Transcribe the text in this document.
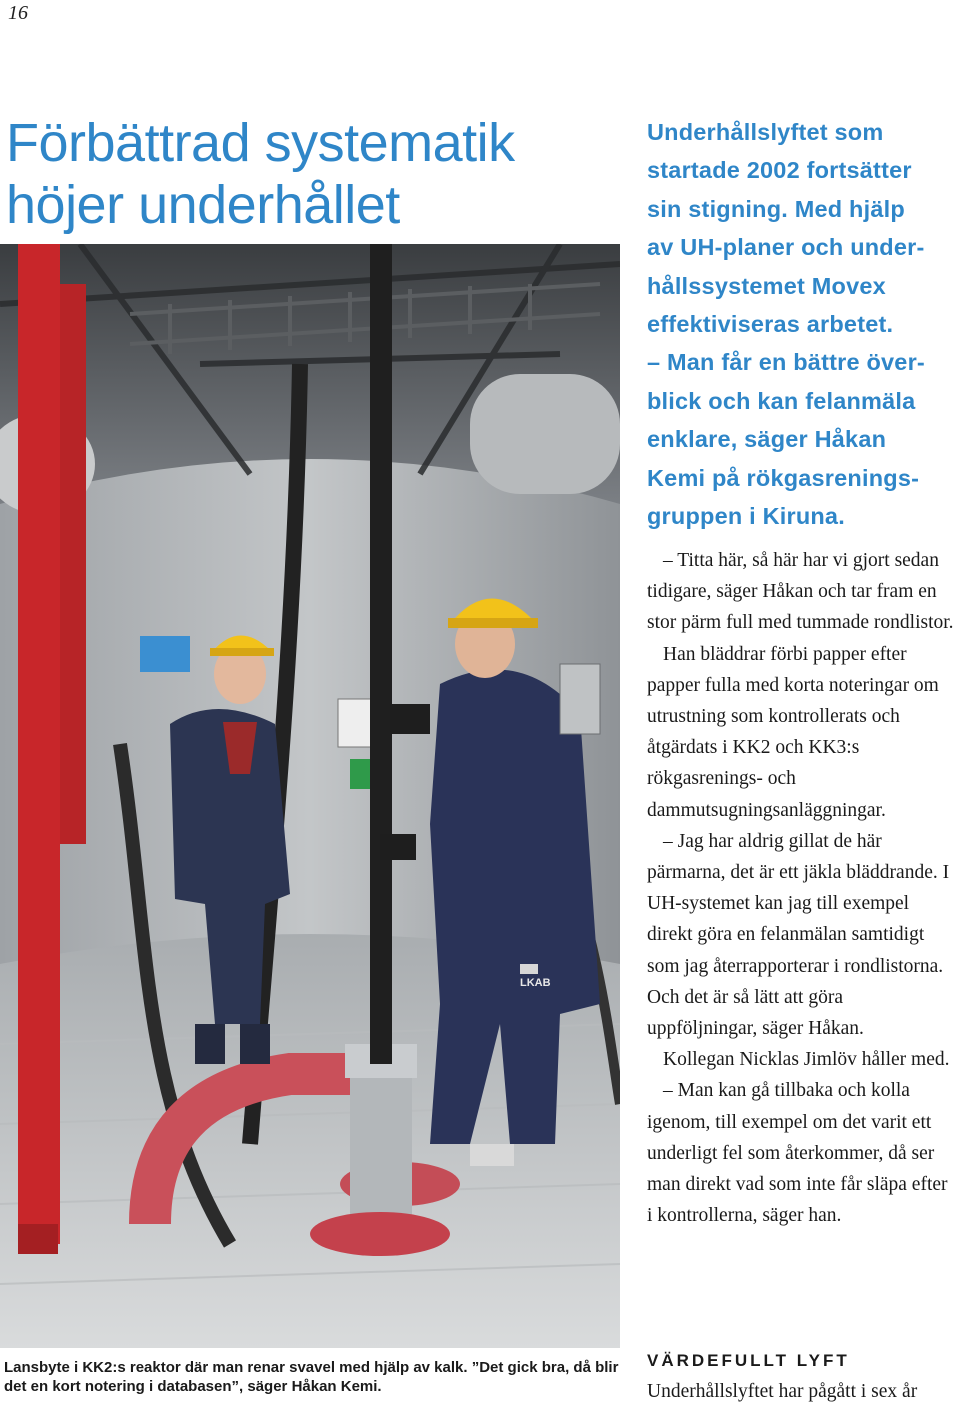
16
Förbättrad systematik
höjer underhållet
LKAB
Lansbyte i KK2:s reaktor där man renar svavel med hjälp av kalk. ”Det gick bra, då blir det en kort notering i databasen”, säger Håkan Kemi.

Underhållslyftet som

startade 2002 fortsätter

sin stigning. Med hjälp

av UH-planer och under-

hållssystemet Movex

effektiviseras arbetet.

– Man får en bättre över-

blick och kan felanmäla

enklare, säger Håkan

Kemi på rökgasrenings-

gruppen i Kiruna.

– Titta här, så här har vi gjort sedan tidigare, säger Håkan och tar fram en stor pärm full med tummade rondlistor.

Han bläddrar förbi papper efter papper fulla med korta noteringar om utrustning som kontrollerats och åtgärdats i KK2 och KK3:s rökgasrenings- och dammutsugningsanläggningar.

– Jag har aldrig gillat de här pärmarna, det är ett jäkla bläddrande. I UH-systemet kan jag till exempel direkt göra en felanmälan samtidigt som jag återrapporterar i rondlistorna. Och det är så lätt att göra uppföljningar, säger Håkan.

Kollegan Nicklas Jimlöv håller med.

– Man kan gå tillbaka och kolla igenom, till exempel om det varit ett underligt fel som återkommer, då ser man direkt vad som inte får släpa efter i kontrollerna, säger han.

VÄRDEFULLT LYFT Underhållslyftet har pågått i sex år
